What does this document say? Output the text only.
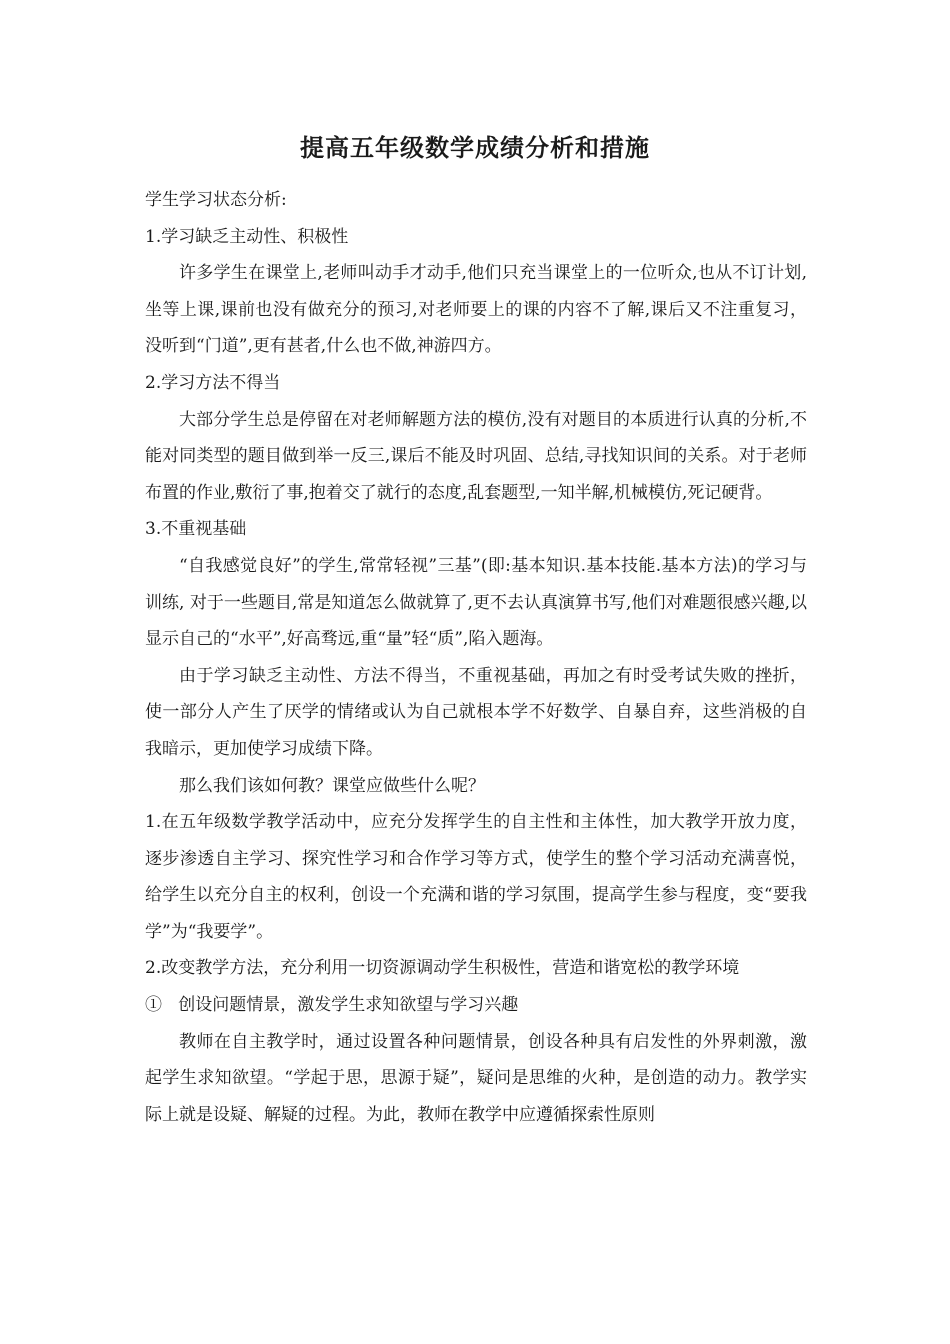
提高五年级数学成绩分析和措施

学生学习状态分析:

1.学习缺乏主动性、积极性

许多学生在课堂上,老师叫动手才动手,他们只充当课堂上的一位听众,也从不订计划,坐等上课,课前也没有做充分的预习,对老师要上的课的内容不了解,课后又不注重复习，没听到“门道”,更有甚者,什么也不做,神游四方。

2.学习方法不得当

大部分学生总是停留在对老师解题方法的模仿,没有对题目的本质进行认真的分析,不能对同类型的题目做到举一反三,课后不能及时巩固、总结,寻找知识间的关系。对于老师布置的作业,敷衍了事,抱着交了就行的态度,乱套题型,一知半解,机械模仿,死记硬背。

3.不重视基础

“自我感觉良好”的学生,常常轻视”三基”(即:基本知识.基本技能.基本方法)的学习与训练, 对于一些题目,常是知道怎么做就算了,更不去认真演算书写,他们对难题很感兴趣,以显示自己的“水平”,好高骛远,重“量”轻“质”,陷入题海。

由于学习缺乏主动性、方法不得当，不重视基础，再加之有时受考试失败的挫折，使一部分人产生了厌学的情绪或认为自己就根本学不好数学、自暴自弃，这些消极的自我暗示，更加使学习成绩下降。

那么我们该如何教？课堂应做些什么呢？

1.在五年级数学教学活动中，应充分发挥学生的自主性和主体性，加大教学开放力度，逐步渗透自主学习、探究性学习和合作学习等方式，使学生的整个学习活动充满喜悦，给学生以充分自主的权利，创设一个充满和谐的学习氛围，提高学生参与程度，变“要我学”为“我要学”。

2.改变教学方法，充分利用一切资源调动学生积极性，营造和谐宽松的教学环境

①   创设问题情景，激发学生求知欲望与学习兴趣

教师在自主教学时，通过设置各种问题情景，创设各种具有启发性的外界刺激，激起学生求知欲望。“学起于思，思源于疑”，疑问是思维的火种，是创造的动力。教学实际上就是设疑、解疑的过程。为此，教师在教学中应遵循探索性原则
